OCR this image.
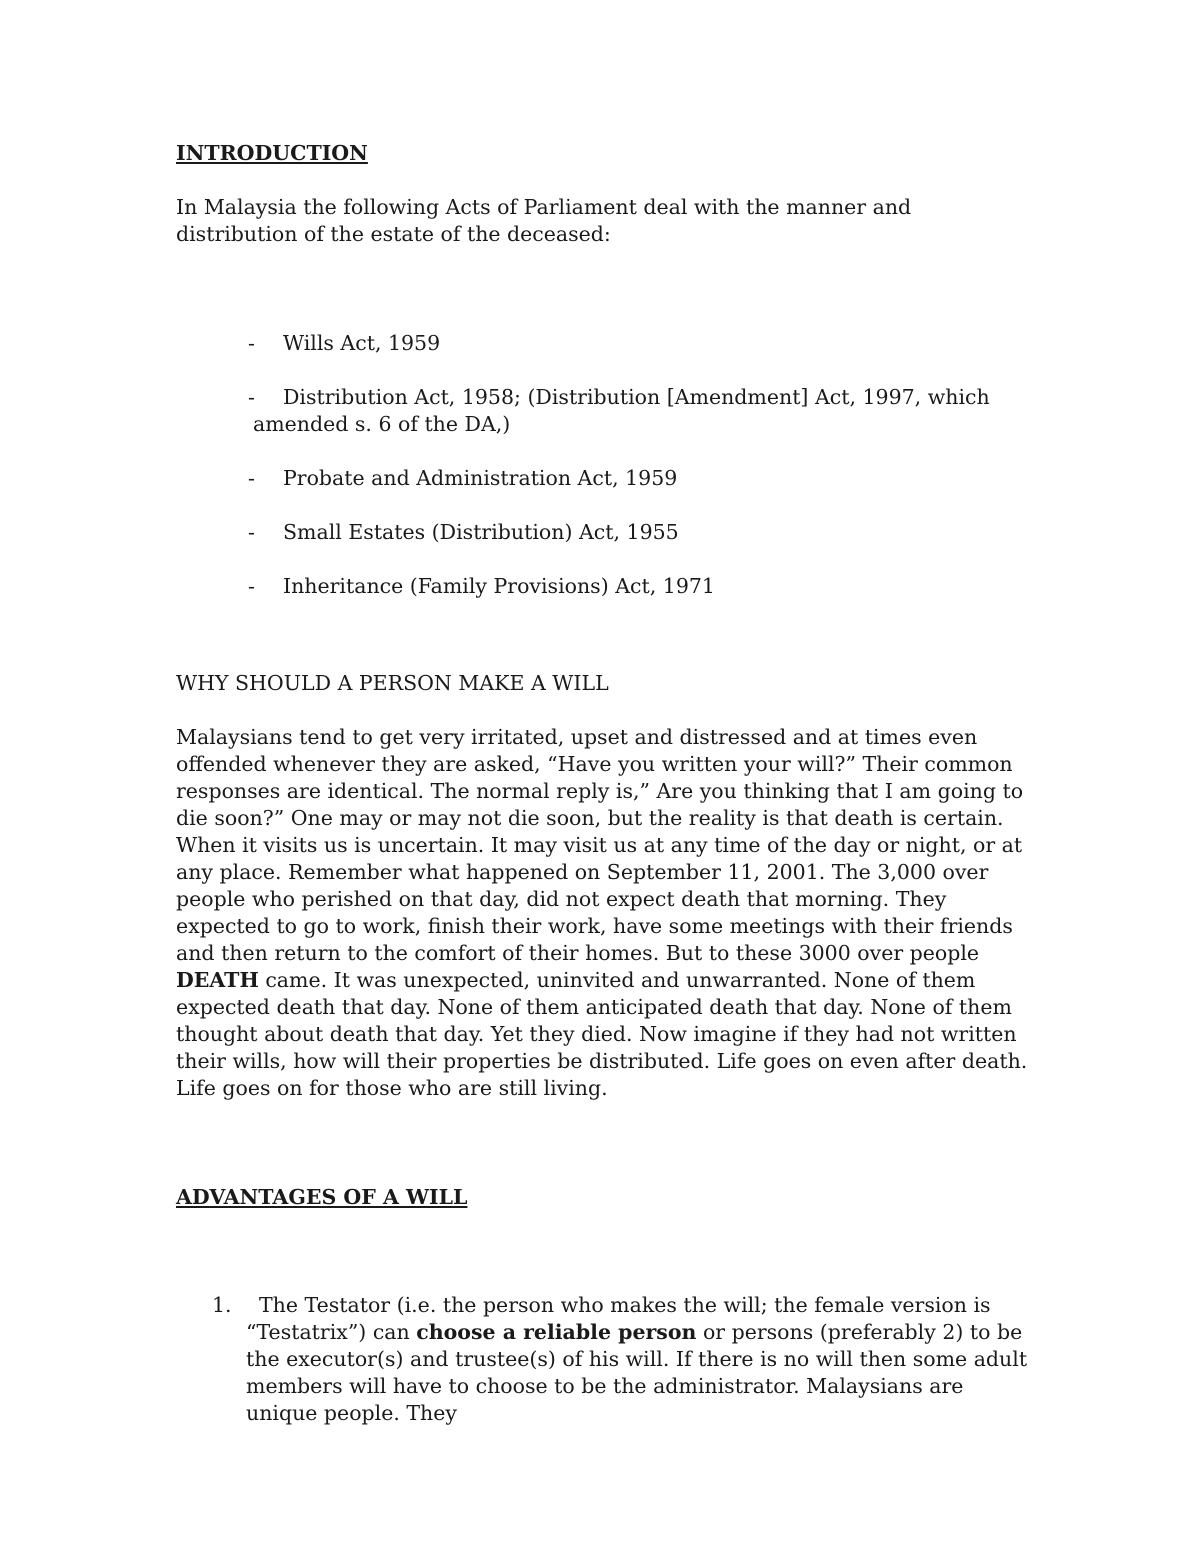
INTRODUCTION

In Malaysia the following Acts of Parliament deal with the manner and distribution of the estate of the deceased:

- Wills Act, 1959
- Distribution Act, 1958; (Distribution [Amendment] Act, 1997, which
amended s. 6 of the DA,)
- Probate and Administration Act, 1959
- Small Estates (Distribution) Act, 1955
- Inheritance (Family Provisions) Act, 1971

WHY SHOULD A PERSON MAKE A WILL

Malaysians tend to get very irritated, upset and distressed and at times even offended whenever they are asked, “Have you written your will?” Their common responses are identical. The normal reply is,” Are you thinking that I am going to die soon?” One may or may not die soon, but the reality is that death is certain. When it visits us is uncertain. It may visit us at any time of the day or night, or at any place. Remember what happened on September 11, 2001. The 3,000 over people who perished on that day, did not expect death that morning. They expected to go to work, finish their work, have some meetings with their friends and then return to the comfort of their homes. But to these 3000 over people DEATH came. It was unexpected, uninvited and unwarranted. None of them expected death that day. None of them anticipated death that day. None of them thought about death that day. Yet they died. Now imagine if they had not written their wills, how will their properties be distributed. Life goes on even after death. Life goes on for those who are still living.

ADVANTAGES OF A WILL

1. The Testator (i.e. the person who makes the will; the female version is “Testatrix”) can choose a reliable person or persons (preferably 2) to be the executor(s) and trustee(s) of his will. If there is no will then some adult members will have to choose to be the administrator. Malaysians are unique people. They
